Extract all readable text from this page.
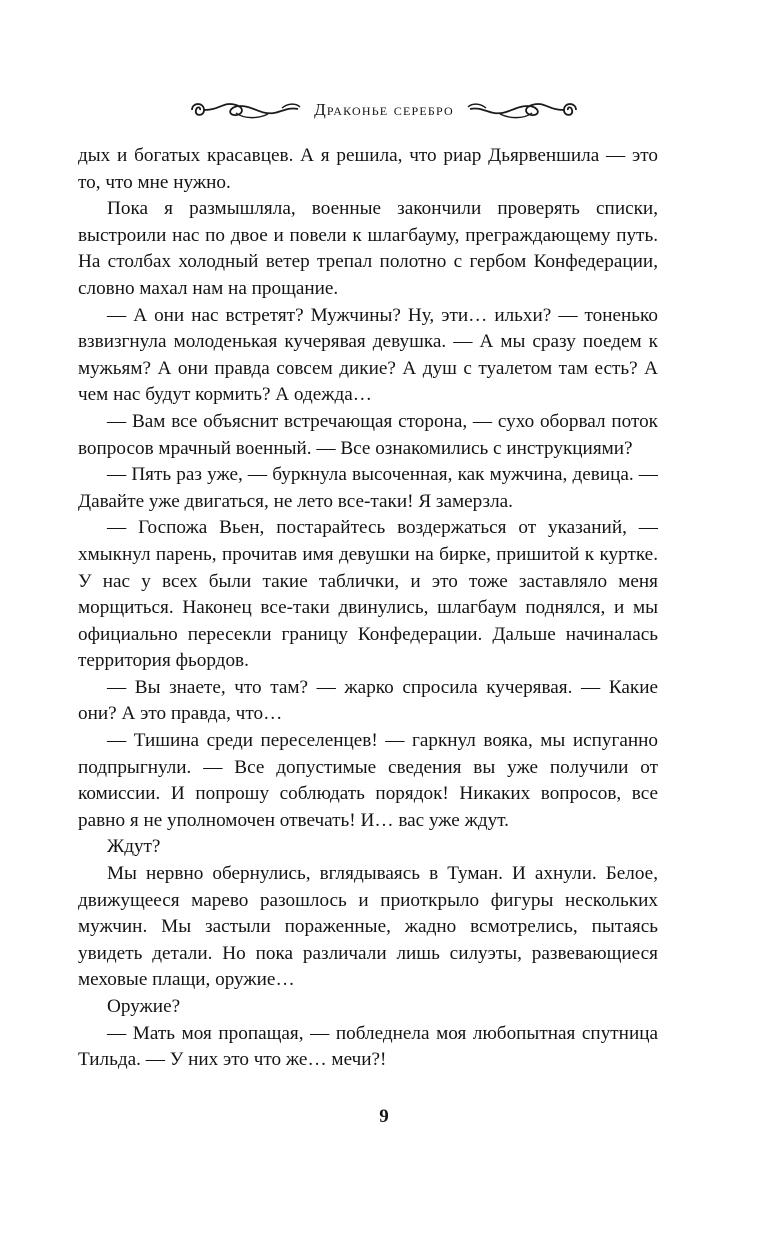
Драконье серебро

дых и богатых красавцев. А я решила, что риар Дьярвеншила — это то, что мне нужно.

Пока я размышляла, военные закончили проверять списки, выстроили нас по двое и повели к шлагбауму, преграждающему путь. На столбах холодный ветер трепал полотно с гербом Конфедерации, словно махал нам на прощание.

— А они нас встретят? Мужчины? Ну, эти… ильхи? — тоненько взвизгнула молоденькая кучерявая девушка. — А мы сразу поедем к мужьям? А они правда совсем дикие? А душ с туалетом там есть? А чем нас будут кормить? А одежда…

— Вам все объяснит встречающая сторона, — сухо оборвал поток вопросов мрачный военный. — Все ознакомились с инструкциями?

— Пять раз уже, — буркнула высоченная, как мужчина, девица. — Давайте уже двигаться, не лето все-таки! Я замерзла.

— Госпожа Вьен, постарайтесь воздержаться от указаний, — хмыкнул парень, прочитав имя девушки на бирке, пришитой к куртке. У нас у всех были такие таблички, и это тоже заставляло меня морщиться. Наконец все-таки двинулись, шлагбаум поднялся, и мы официально пересекли границу Конфедерации. Дальше начиналась территория фьордов.

— Вы знаете, что там? — жарко спросила кучерявая. — Какие они? А это правда, что…

— Тишина среди переселенцев! — гаркнул вояка, мы испуганно подпрыгнули. — Все допустимые сведения вы уже получили от комиссии. И попрошу соблюдать порядок! Никаких вопросов, все равно я не уполномочен отвечать! И… вас уже ждут.

Ждут?

Мы нервно обернулись, вглядываясь в Туман. И ахнули. Белое, движущееся марево разошлось и приоткрыло фигуры нескольких мужчин. Мы застыли пораженные, жадно всмотрелись, пытаясь увидеть детали. Но пока различали лишь силуэты, развевающиеся меховые плащи, оружие…

Оружие?

— Мать моя пропащая, — побледнела моя любопытная спутница Тильда. — У них это что же… мечи?!

9
